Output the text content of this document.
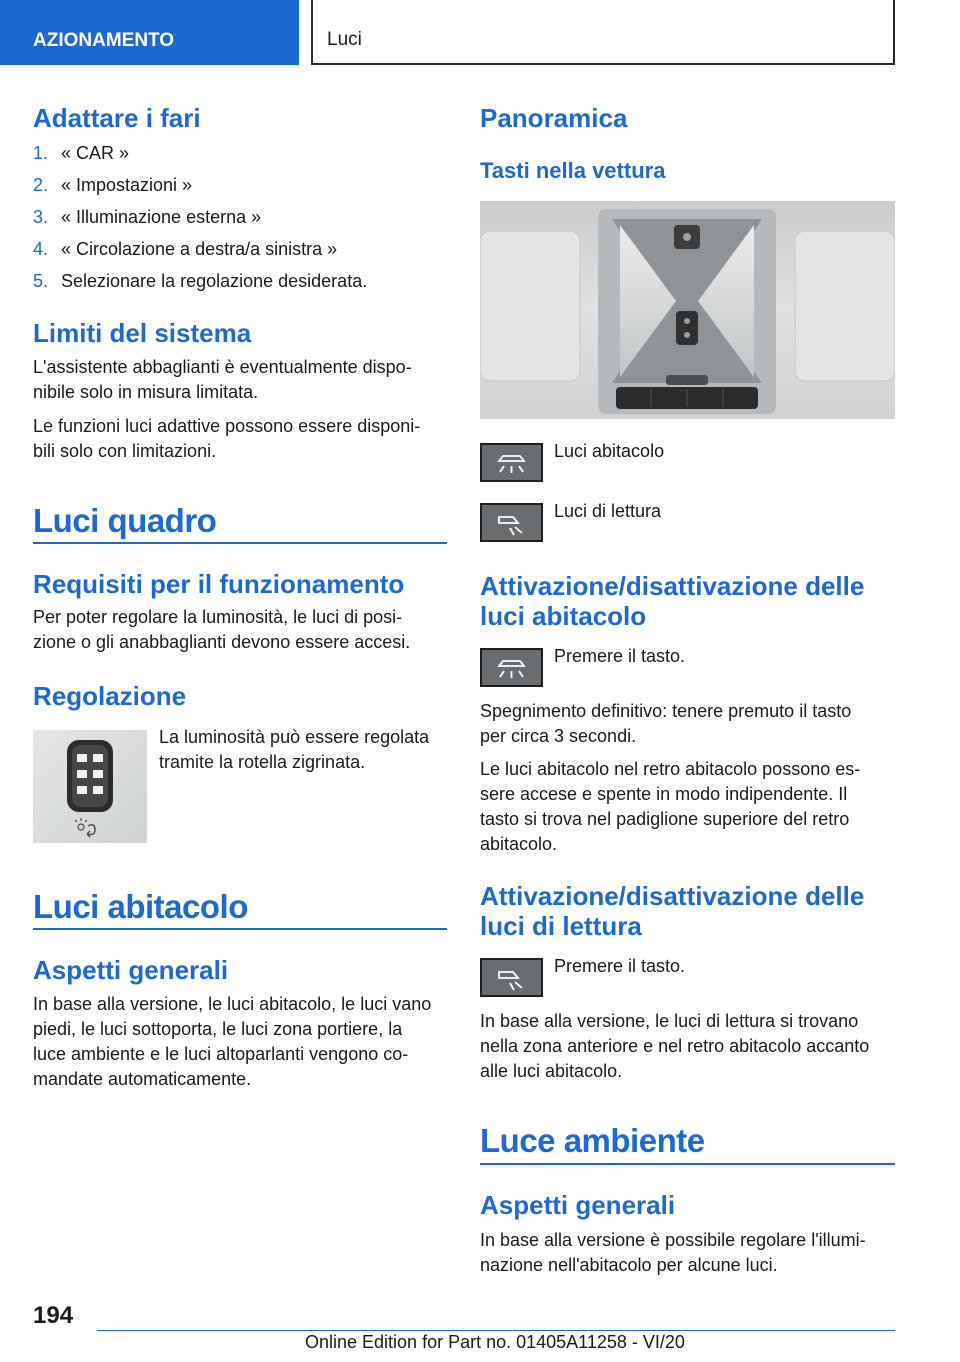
AZIONAMENTO	Luci
Adattare i fari
1. « CAR »
2. « Impostazioni »
3. « Illuminazione esterna »
4. « Circolazione a destra/a sinistra »
5. Selezionare la regolazione desiderata.
Limiti del sistema
L'assistente abbaglianti è eventualmente dispo-
nibile solo in misura limitata.
Le funzioni luci adattive possono essere disponi-
bili solo con limitazioni.
Luci quadro
Requisiti per il funzionamento
Per poter regolare la luminosità, le luci di posi-
zione o gli anabbaglianti devono essere accesi.
Regolazione
La luminosità può essere regolata
tramite la rotella zigrinata.
Luci abitacolo
Aspetti generali
In base alla versione, le luci abitacolo, le luci vano
piedi, le luci sottoporta, le luci zona portiere, la
luce ambiente e le luci altoparlanti vengono co-
mandate automaticamente.
Panoramica
Tasti nella vettura
Luci abitacolo
Luci di lettura
Attivazione/disattivazione delle
luci abitacolo
Premere il tasto.
Spegnimento definitivo: tenere premuto il tasto
per circa 3 secondi.
Le luci abitacolo nel retro abitacolo possono es-
sere accese e spente in modo indipendente. Il
tasto si trova nel padiglione superiore del retro
abitacolo.
Attivazione/disattivazione delle
luci di lettura
Premere il tasto.
In base alla versione, le luci di lettura si trovano
nella zona anteriore e nel retro abitacolo accanto
alle luci abitacolo.
Luce ambiente
Aspetti generali
In base alla versione è possibile regolare l'illumi-
nazione nell'abitacolo per alcune luci.
194
Online Edition for Part no. 01405A11258 - VI/20
